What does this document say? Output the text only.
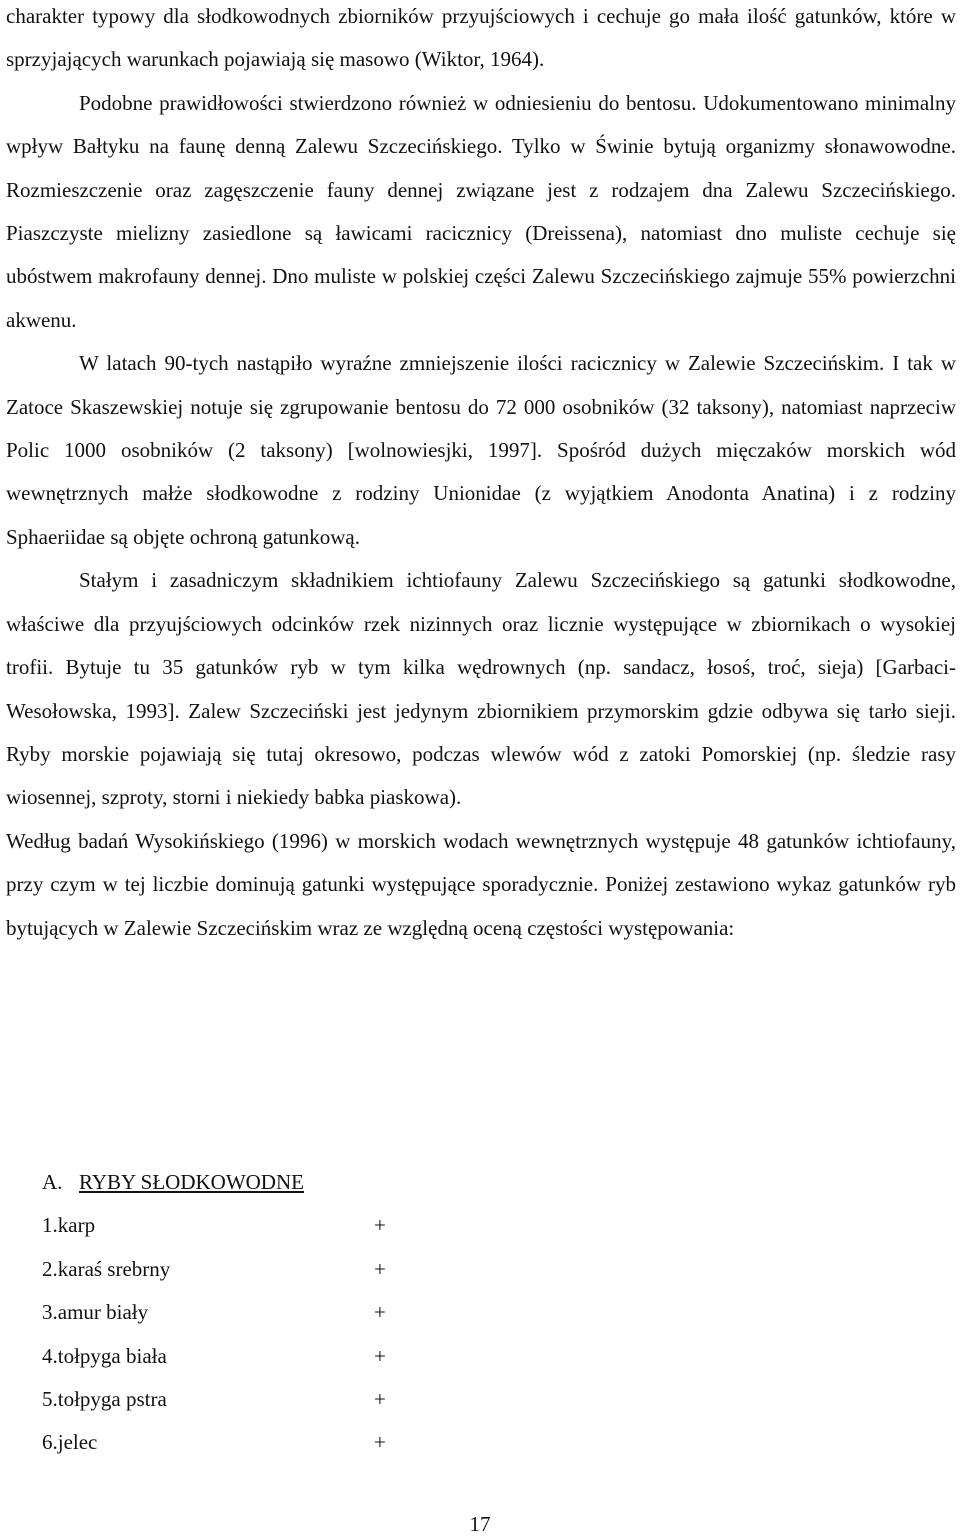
charakter typowy dla słodkowodnych zbiorników przyujściowych i cechuje go mała ilość gatunków, które w sprzyjających warunkach pojawiają się masowo (Wiktor, 1964).

Podobne prawidłowości stwierdzono również w odniesieniu do bentosu. Udokumentowano minimalny wpływ Bałtyku na faunę denną Zalewu Szczecińskiego. Tylko w Świnie bytują organizmy słonawowodne. Rozmieszczenie oraz zagęszczenie fauny dennej związane jest z rodzajem dna Zalewu Szczecińskiego. Piaszczyste mielizny zasiedlone są ławicami racicznicy (Dreissena), natomiast dno muliste cechuje się ubóstwem makrofauny dennej. Dno muliste w polskiej części Zalewu Szczecińskiego zajmuje 55% powierzchni akwenu.

W latach 90-tych nastąpiło wyraźne zmniejszenie ilości racicznicy w Zalewie Szczecińskim. I tak w Zatoce Skaszewskiej notuje się zgrupowanie bentosu do 72 000 osobników (32 taksony), natomiast naprzeciw Polic 1000 osobników (2 taksony) [wolnowiesjki, 1997]. Spośród dużych mięczaków morskich wód wewnętrznych małże słodkowodne z rodziny Unionidae (z wyjątkiem Anodonta Anatina) i z rodziny Sphaeriidae są objęte ochroną gatunkową.

Stałym i zasadniczym składnikiem ichtiofauny Zalewu Szczecińskiego są gatunki słodkowodne, właściwe dla przyujściowych odcinków rzek nizinnych oraz licznie występujące w zbiornikach o wysokiej trofii. Bytuje tu 35 gatunków ryb w tym kilka wędrownych (np. sandacz, łosoś, troć, sieja) [Garbaci-Wesołowska, 1993]. Zalew Szczeciński jest jedynym zbiornikiem przymorskim gdzie odbywa się tarło sieji. Ryby morskie pojawiają się tutaj okresowo, podczas wlewów wód z zatoki Pomorskiej (np. śledzie rasy wiosennej, szproty, storni i niekiedy babka piaskowa).

Według badań Wysokińskiego (1996) w morskich wodach wewnętrznych występuje 48 gatunków ichtiofauny, przy czym w tej liczbie dominują gatunki występujące sporadycznie. Poniżej zestawiono wykaz gatunków ryb bytujących w Zalewie Szczecińskim wraz ze względną oceną częstości występowania:

A. RYBY SŁODKOWODNE

1.karp	+
2.karaś srebrny	+
3.amur biały	+
4.tołpyga biała	+
5.tołpyga pstra	+
6.jelec	+
17
